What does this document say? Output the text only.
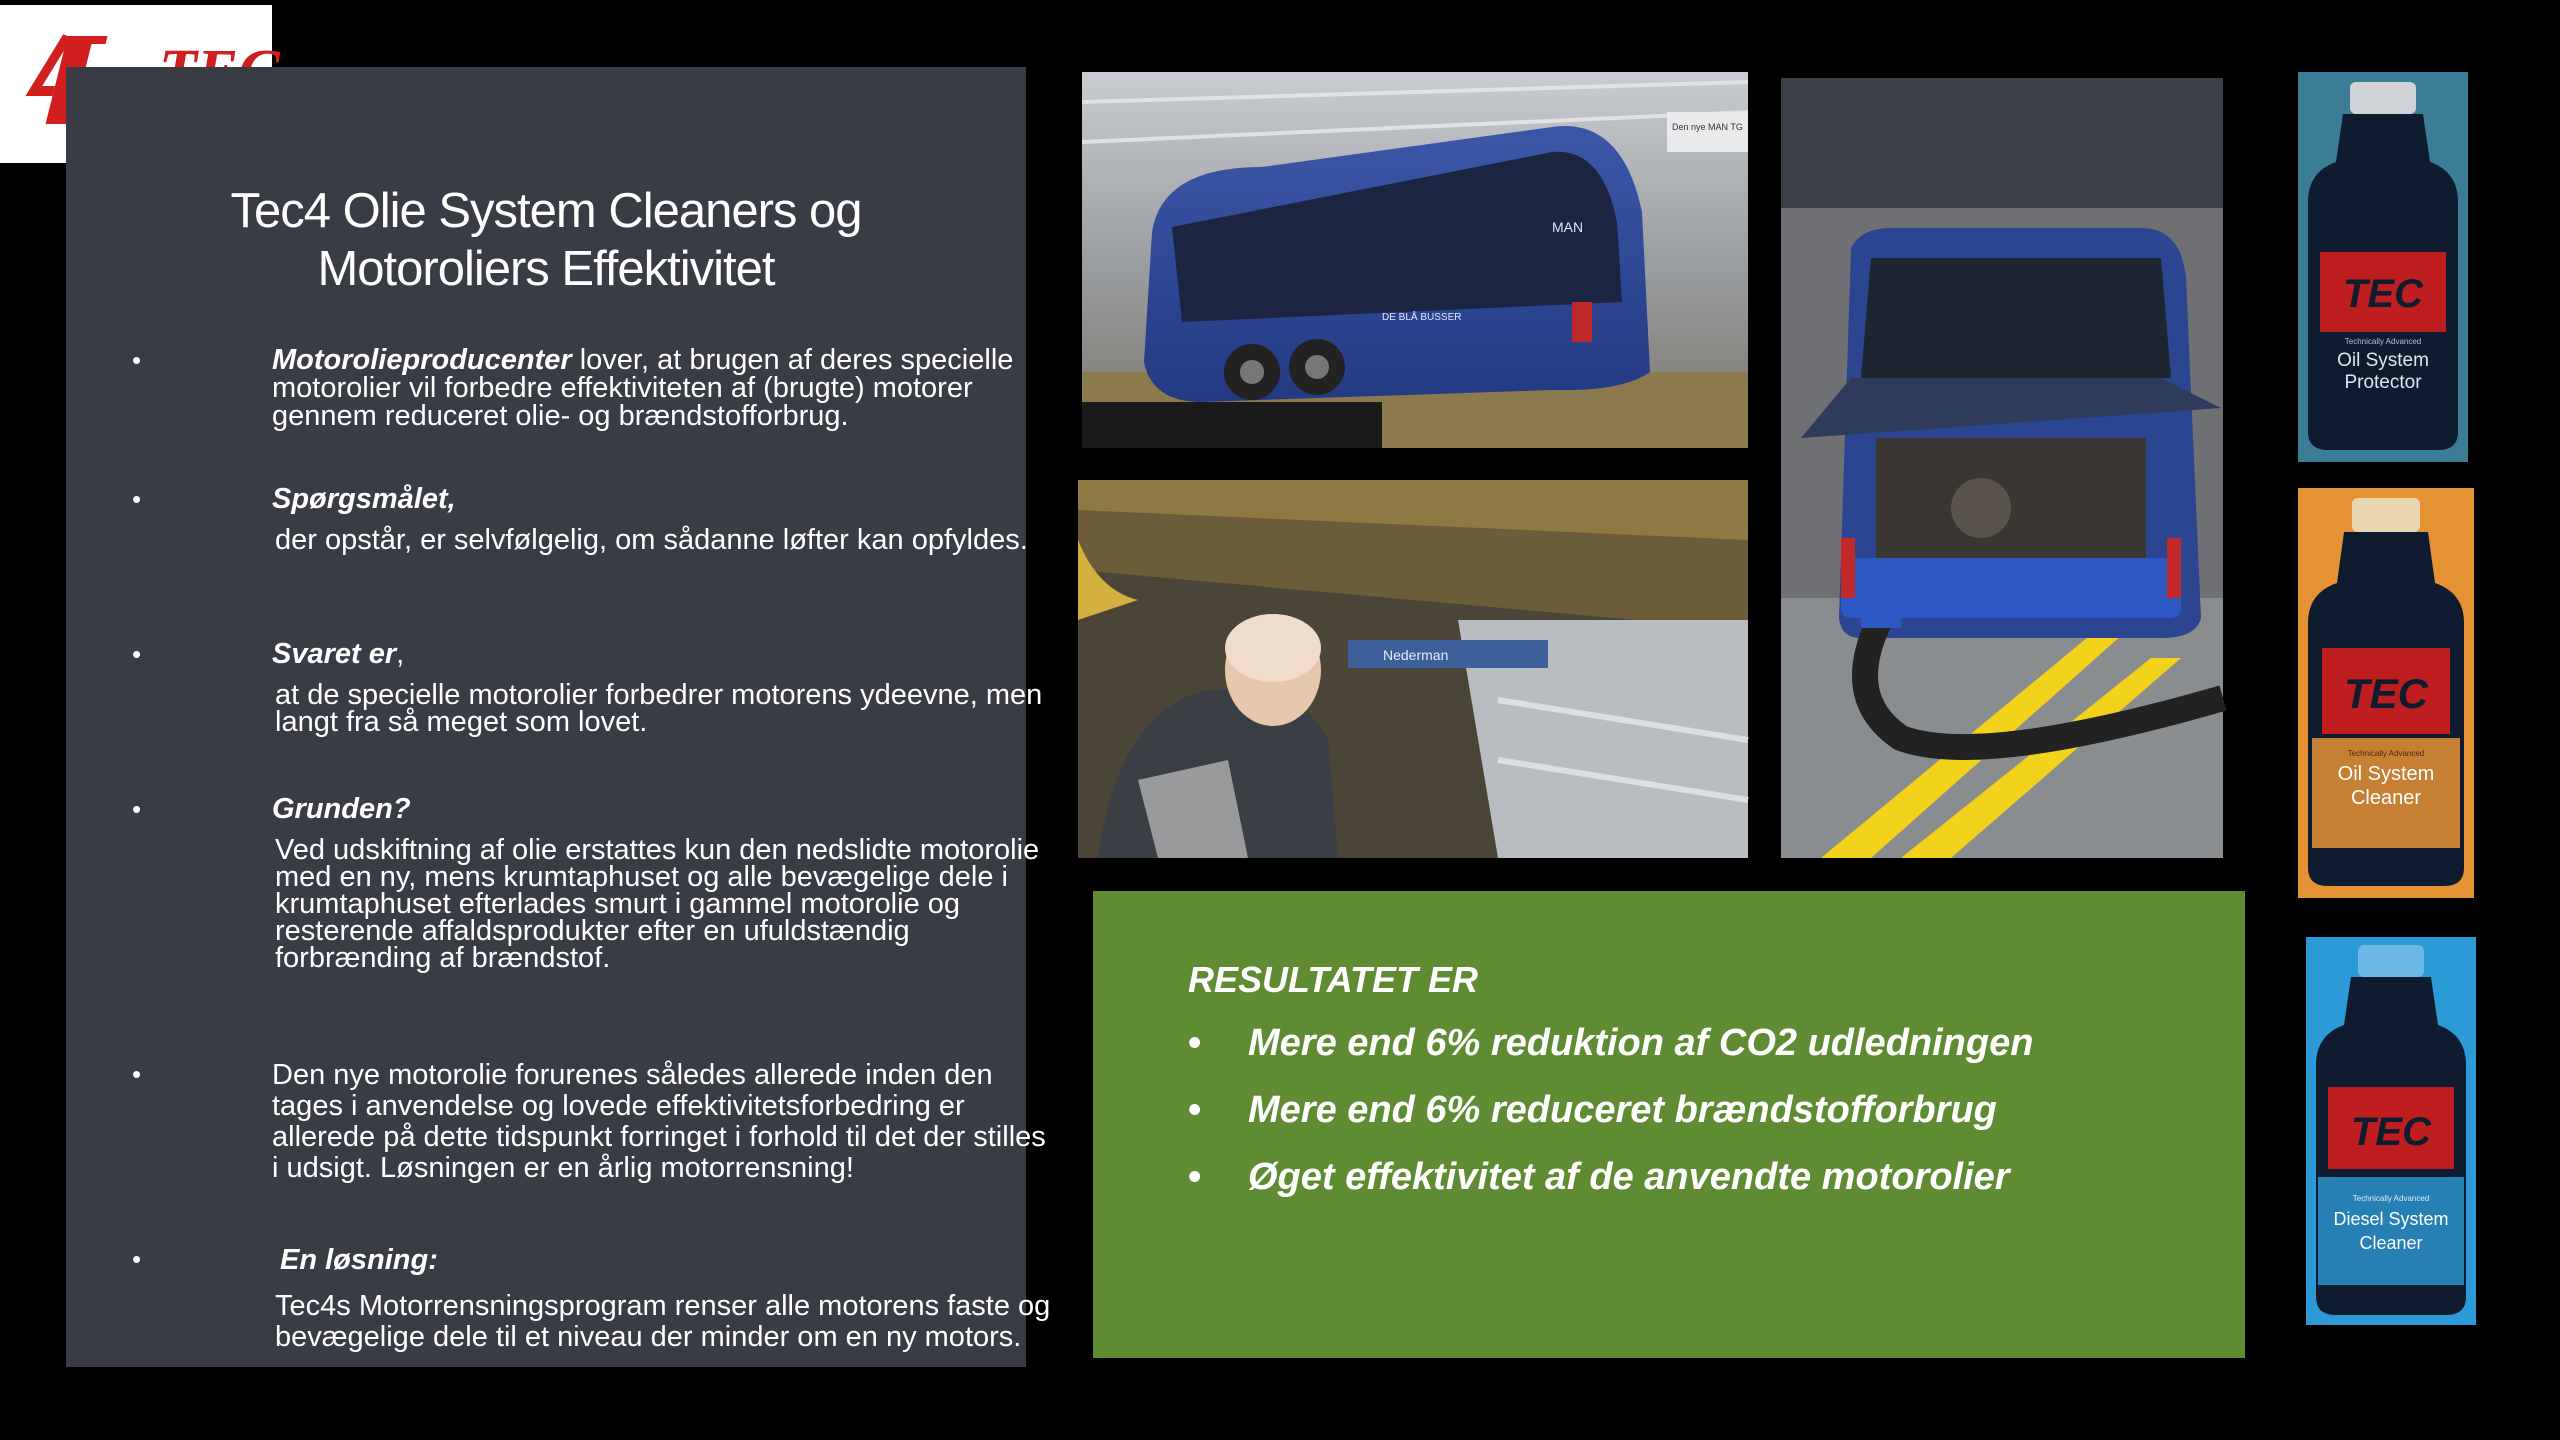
Tec4 Olie System Cleaners og
Motoroliers Effektivitet
•	Motorolieproducenter lover, at brugen af deres specielle motorolier vil forbedre effektiviteten af (brugte) motorer gennem reduceret olie- og brændstofforbrug.
•	Spørgsmålet,
der opstår, er selvfølgelig, om sådanne løfter kan opfyldes.
•	Svaret er,
at de specielle motorolier forbedrer motorens ydeevne, men langt fra så meget som lovet.
•	Grunden?
Ved udskiftning af olie erstattes kun den nedslidte motorolie med en ny, mens krumtaphuset og alle bevægelige dele i krumtaphuset efterlades smurt i gammel motorolie og resterende affaldsprodukter efter en ufuldstændig forbrænding af brændstof.
•	Den nye motorolie forurenes således allerede inden den tages i anvendelse og lovede effektivitetsforbedring er allerede på dette tidspunkt forringet i forhold til det der stilles i udsigt. Løsningen er en årlig motorrensning!
•	En løsning:
Tec4s Motorrensningsprogram renser alle motorens faste og bevægelige dele til et niveau der minder om en ny motors.
DE BLÅ BUSSER
MAN
Den nye MAN TG
Nederman
RESULTATET ER
• Mere end 6% reduktion af CO2 udledningen
• Mere end 6% reduceret brændstofforbrug
• Øget effektivitet af de anvendte motorolier
TEC
Technically Advanced
Oil System
Protector
TEC
Technically Advanced
Oil System
Cleaner
TEC
Technically Advanced
Diesel System
Cleaner
